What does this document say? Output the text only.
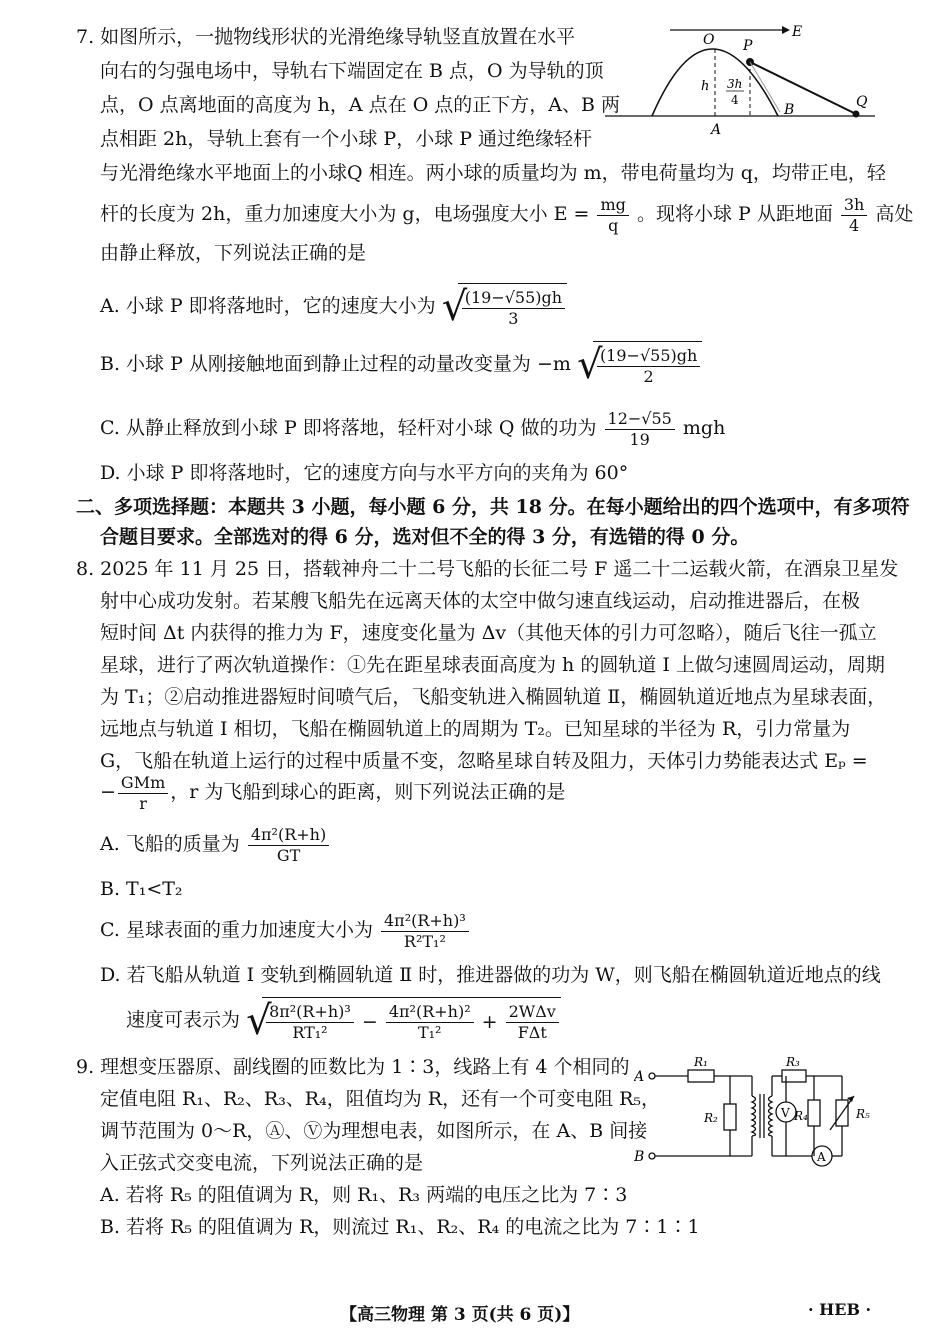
7. 如图所示，一抛物线形状的光滑绝缘导轨竖直放置在水平
向右的匀强电场中，导轨右下端固定在 B 点，O 为导轨的顶
点，O 点离地面的高度为 h，A 点在 O 点的正下方，A、B 两
点相距 2h，导轨上套有一个小球 P，小球 P 通过绝缘轻杆
与光滑绝缘水平地面上的小球Q 相连。两小球的质量均为 m，带电荷量均为 q，均带正电，轻
杆的长度为 2h，重力加速度大小为 g，电场强度大小 $E = \frac{mg}{q}$ 。现将小球 P 从距地面 $\frac{3h}{4}$ 高处
由静止释放，下列说法正确的是
A. 小球 P 即将落地时，它的速度大小为 √
$\frac{(19-√55)gh}{3}$
B. 小球 P 从刚接触地面到静止过程的动量改变量为 −m √
$\frac{(19-√55)gh}{2}$
C. 从静止释放到小球 P 即将落地，轻杆对小球 Q 做的功为 $\frac{12-√55}{19}$ mgh
D. 小球 P 即将落地时，它的速度方向与水平方向的夹角为 60°
O P
E
h 3h
4
B	Q
A
二、多项选择题：本题共 3 小题，每小题 6 分，共 18 分。在每小题给出的四个选项中，有多项符
合题目要求。全部选对的得 6 分，选对但不全的得 3 分，有选错的得 0 分。
8. 2025 年 11 月 25 日，搭载神舟二十二号飞船的长征二号 F 遥二十二运载火箭，在酒泉卫星发
射中心成功发射。若某艘飞船先在远离天体的太空中做匀速直线运动，启动推进器后，在极
短时间 Δt 内获得的推力为 F，速度变化量为 Δv（其他天体的引力可忽略），随后飞往一孤立
星球，进行了两次轨道操作：①先在距星球表面高度为 h 的圆轨道 Ⅰ 上做匀速圆周运动，周期
为 T₁；②启动推进器短时间喷气后，飞船变轨进入椭圆轨道 Ⅱ，椭圆轨道近地点为星球表面，
远地点与轨道 Ⅰ 相切，飞船在椭圆轨道上的周期为 T₂。已知星球的半径为 R，引力常量为
G，飞船在轨道上运行的过程中质量不变，忽略星球自转及阻力，天体引力势能表达式 Eₚ =
− $\frac{\text{GMm}}{r}$ ，r 为飞船到球心的距离，则下列说法正确的是
A. 飞船的质量为 $\frac{\text{4π²(R+h)}}{GT}$
B. T₁<T₂
C. 星球表面的重力加速度大小为 $\frac{\text{4π²(R+h)³}}{\text{R²T₁²}}$
D. 若飞船从轨道 Ⅰ 变轨到椭圆轨道 Ⅱ 时，推进器做的功为 W，则飞船在椭圆轨道近地点的线
速度可表示为 √
$\frac{\text{8π²(R+h)³}}{\text{RT₁²}} - \frac{\text{4π²(R+h)²}}{\text{T₁²}} + \frac{\text{2WΔv}}{\text{FΔt}}$
9. 理想变压器原、副线圈的匝数比为 1∶3，线路上有 4 个相同的
定值电阻 R₁、R₂、R₃、R₄，阻值均为 R，还有一个可变电阻 R₅，
调节范围为 0～R，Ⓐ、Ⓥ为理想电表，如图所示，在 A、B 间接
入正弦式交变电流，下列说法正确的是
A. 若将 R₅ 的阻值调为 R，则 R₁、R₃ 两端的电压之比为 7∶3
B. 若将 R₅ 的阻值调为 R，则流过 R₁、R₂、R₄ 的电流之比为 7∶1∶1
A
B
R₁
R₂
R₃
R₄	R₅
V
A
【高三物理 第 3 页(共 6 页)】	· HEB ·
